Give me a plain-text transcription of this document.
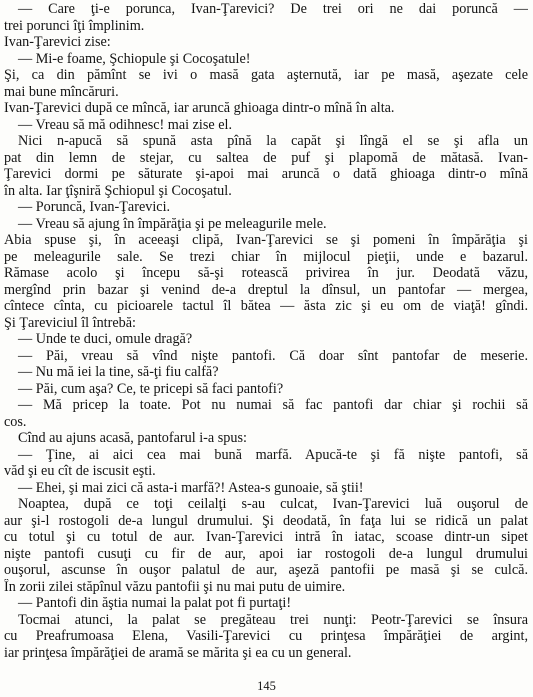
— Care ţi-e porunca, Ivan-Ţarevici? De trei ori ne dai poruncă —
trei porunci îţi împlinim.
Ivan-Ţarevici zise:
— Mi-e foame, Şchiopule şi Cocoşatule!
Şi, ca din pămînt se ivi o masă gata aşternută, iar pe masă, aşezate cele
mai bune mîncăruri.
Ivan-Ţarevici după ce mîncă, iar aruncă ghioaga dintr-o mînă în alta.
— Vreau să mă odihnesc! mai zise el.
Nici n-apucă să spună asta pînă la capăt şi lîngă el se şi afla un
pat din lemn de stejar, cu saltea de puf şi plapomă de mătasă. Ivan-
Ţarevici dormi pe săturate şi-apoi mai aruncă o dată ghioaga dintr-o mînă
în alta. Iar ţîşniră Şchiopul şi Cocoşatul.
— Poruncă, Ivan-Ţarevici.
— Vreau să ajung în împărăţia şi pe meleagurile mele.
Abia spuse şi, în aceeaşi clipă, Ivan-Ţarevici se şi pomeni în împărăţia şi
pe meleagurile sale. Se trezi chiar în mijlocul pieţii, unde e bazarul.
Rămase acolo şi începu să-şi rotească privirea în jur. Deodată văzu,
mergînd prin bazar şi venind de-a dreptul la dînsul, un pantofar — mergea,
cîntece cînta, cu picioarele tactul îl bătea — ăsta zic şi eu om de viaţă! gîndi.
Şi Ţareviciul îl întrebă:
— Unde te duci, omule dragă?
— Păi, vreau să vînd nişte pantofi. Că doar sînt pantofar de meserie.
— Nu mă iei la tine, să-ţi fiu calfă?
— Păi, cum aşa? Ce, te pricepi să faci pantofi?
— Mă pricep la toate. Pot nu numai să fac pantofi dar chiar şi rochii să
cos.
Cînd au ajuns acasă, pantofarul i-a spus:
— Ţine, ai aici cea mai bună marfă. Apucă-te şi fă nişte pantofi, să
văd şi eu cît de iscusit eşti.
— Ehei, şi mai zici că asta-i marfă?! Astea-s gunoaie, să ştii!
Noaptea, după ce toţi ceilalţi s-au culcat, Ivan-Ţarevici luă ouşorul de
aur şi-l rostogoli de-a lungul drumului. Şi deodată, în faţa lui se ridică un palat
cu totul şi cu totul de aur. Ivan-Ţarevici intră în iatac, scoase dintr-un sipet
nişte pantofi cusuţi cu fir de aur, apoi iar rostogoli de-a lungul drumului
ouşorul, ascunse în ouşor palatul de aur, aşeză pantofii pe masă şi se culcă.
În zorii zilei stăpînul văzu pantofii şi nu mai putu de uimire.
— Pantofi din ăştia numai la palat pot fi purtaţi!
Tocmai atunci, la palat se pregăteau trei nunţi: Peotr-Ţarevici se însura
cu Preafrumoasa Elena, Vasili-Ţarevici cu prinţesa împărăţiei de argint,
iar prinţesa împărăţiei de aramă se mărita şi ea cu un general.
145
